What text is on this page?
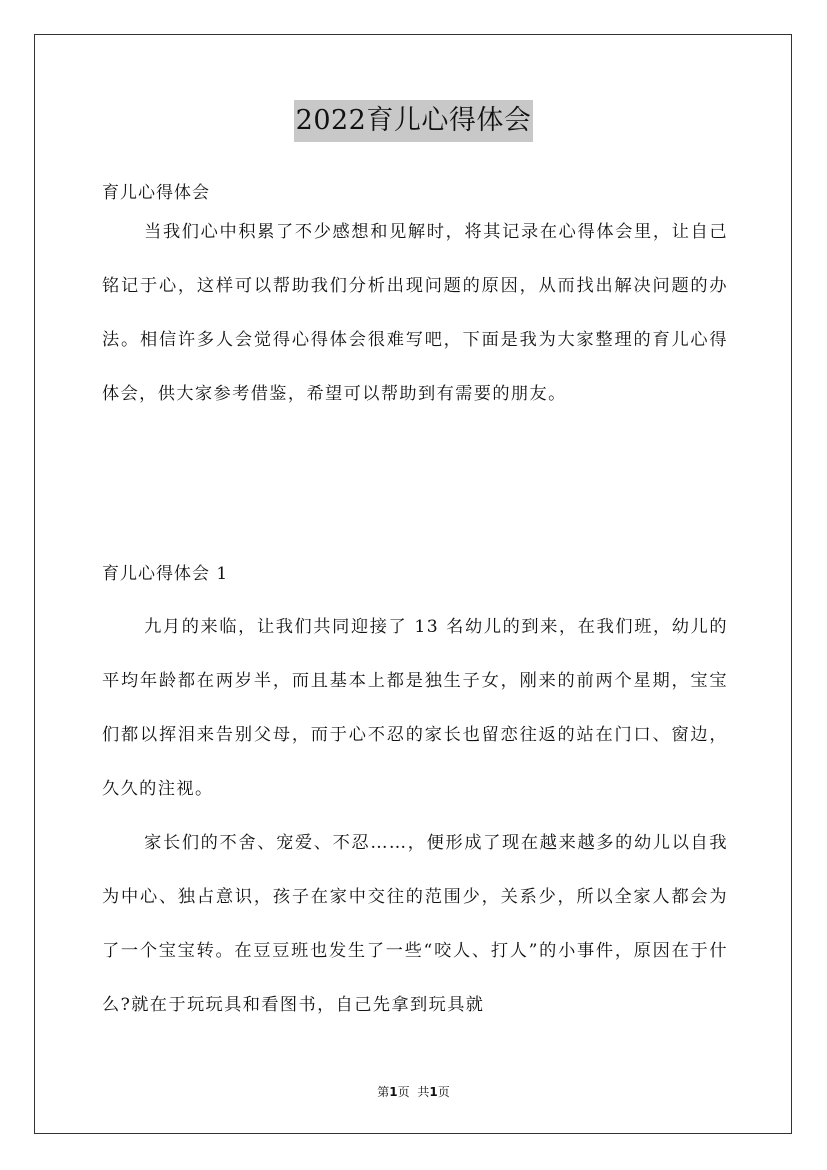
2022育儿心得体会
育儿心得体会

当我们心中积累了不少感想和见解时，将其记录在心得体会里，让自己铭记于心，这样可以帮助我们分析出现问题的原因，从而找出解决问题的办法。相信许多人会觉得心得体会很难写吧，下面是我为大家整理的育儿心得体会，供大家参考借鉴，希望可以帮助到有需要的朋友。

育儿心得体会 1

九月的来临，让我们共同迎接了 13 名幼儿的到来，在我们班，幼儿的平均年龄都在两岁半，而且基本上都是独生子女，刚来的前两个星期，宝宝们都以挥泪来告别父母，而于心不忍的家长也留恋往返的站在门口、窗边，久久的注视。

家长们的不舍、宠爱、不忍……，便形成了现在越来越多的幼儿以自我为中心、独占意识，孩子在家中交往的范围少，关系少，所以全家人都会为了一个宝宝转。在豆豆班也发生了一些“咬人、打人”的小事件，原因在于什么?就在于玩玩具和看图书，自己先拿到玩具就

第1页 共1页
